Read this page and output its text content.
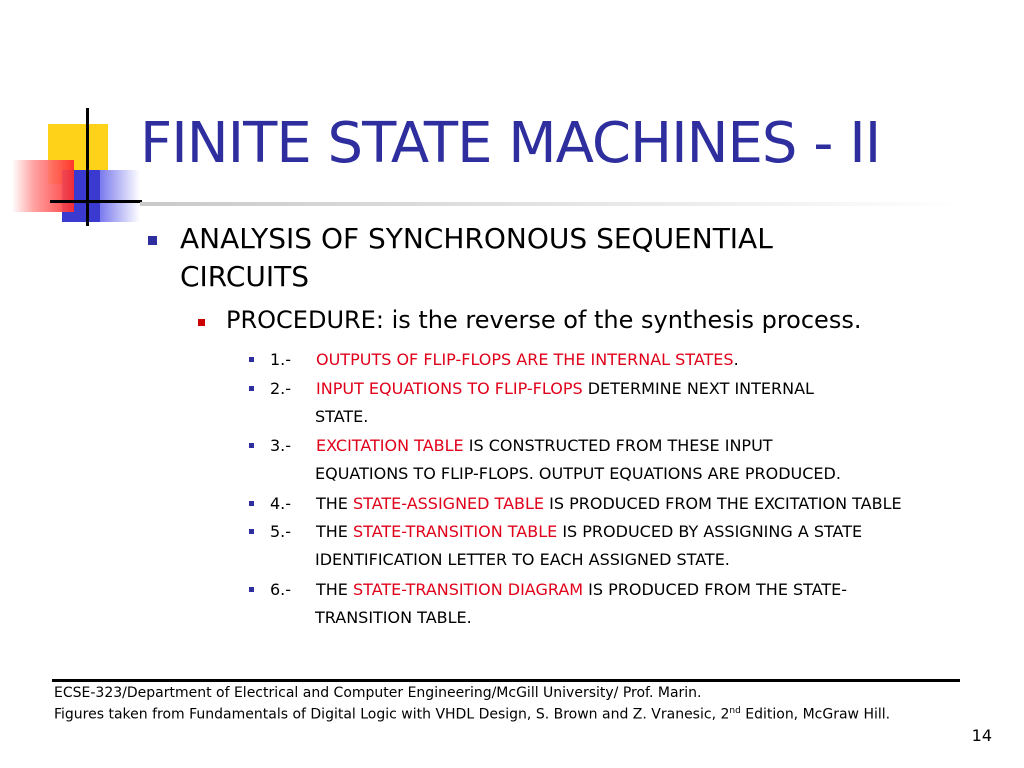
FINITE STATE MACHINES - II
ANALYSIS OF SYNCHRONOUS SEQUENTIAL CIRCUITS
PROCEDURE: is the reverse of the synthesis process.
1.- OUTPUTS OF FLIP-FLOPS ARE THE INTERNAL STATES.
2.- INPUT EQUATIONS TO FLIP-FLOPS DETERMINE NEXT INTERNAL
STATE.
3.- EXCITATION TABLE IS CONSTRUCTED FROM THESE INPUT
EQUATIONS TO FLIP-FLOPS. OUTPUT EQUATIONS ARE PRODUCED.
4.- THE STATE-ASSIGNED TABLE IS PRODUCED FROM THE EXCITATION TABLE
5.- THE STATE-TRANSITION TABLE IS PRODUCED BY ASSIGNING A STATE
IDENTIFICATION LETTER TO EACH ASSIGNED STATE.
6.- THE STATE-TRANSITION DIAGRAM IS PRODUCED FROM THE STATE-
TRANSITION TABLE.
ECSE-323/Department of Electrical and Computer Engineering/McGill University/ Prof. Marin.
Figures taken from Fundamentals of Digital Logic with VHDL Design, S. Brown and Z. Vranesic, 2nd Edition, McGraw Hill.
14
